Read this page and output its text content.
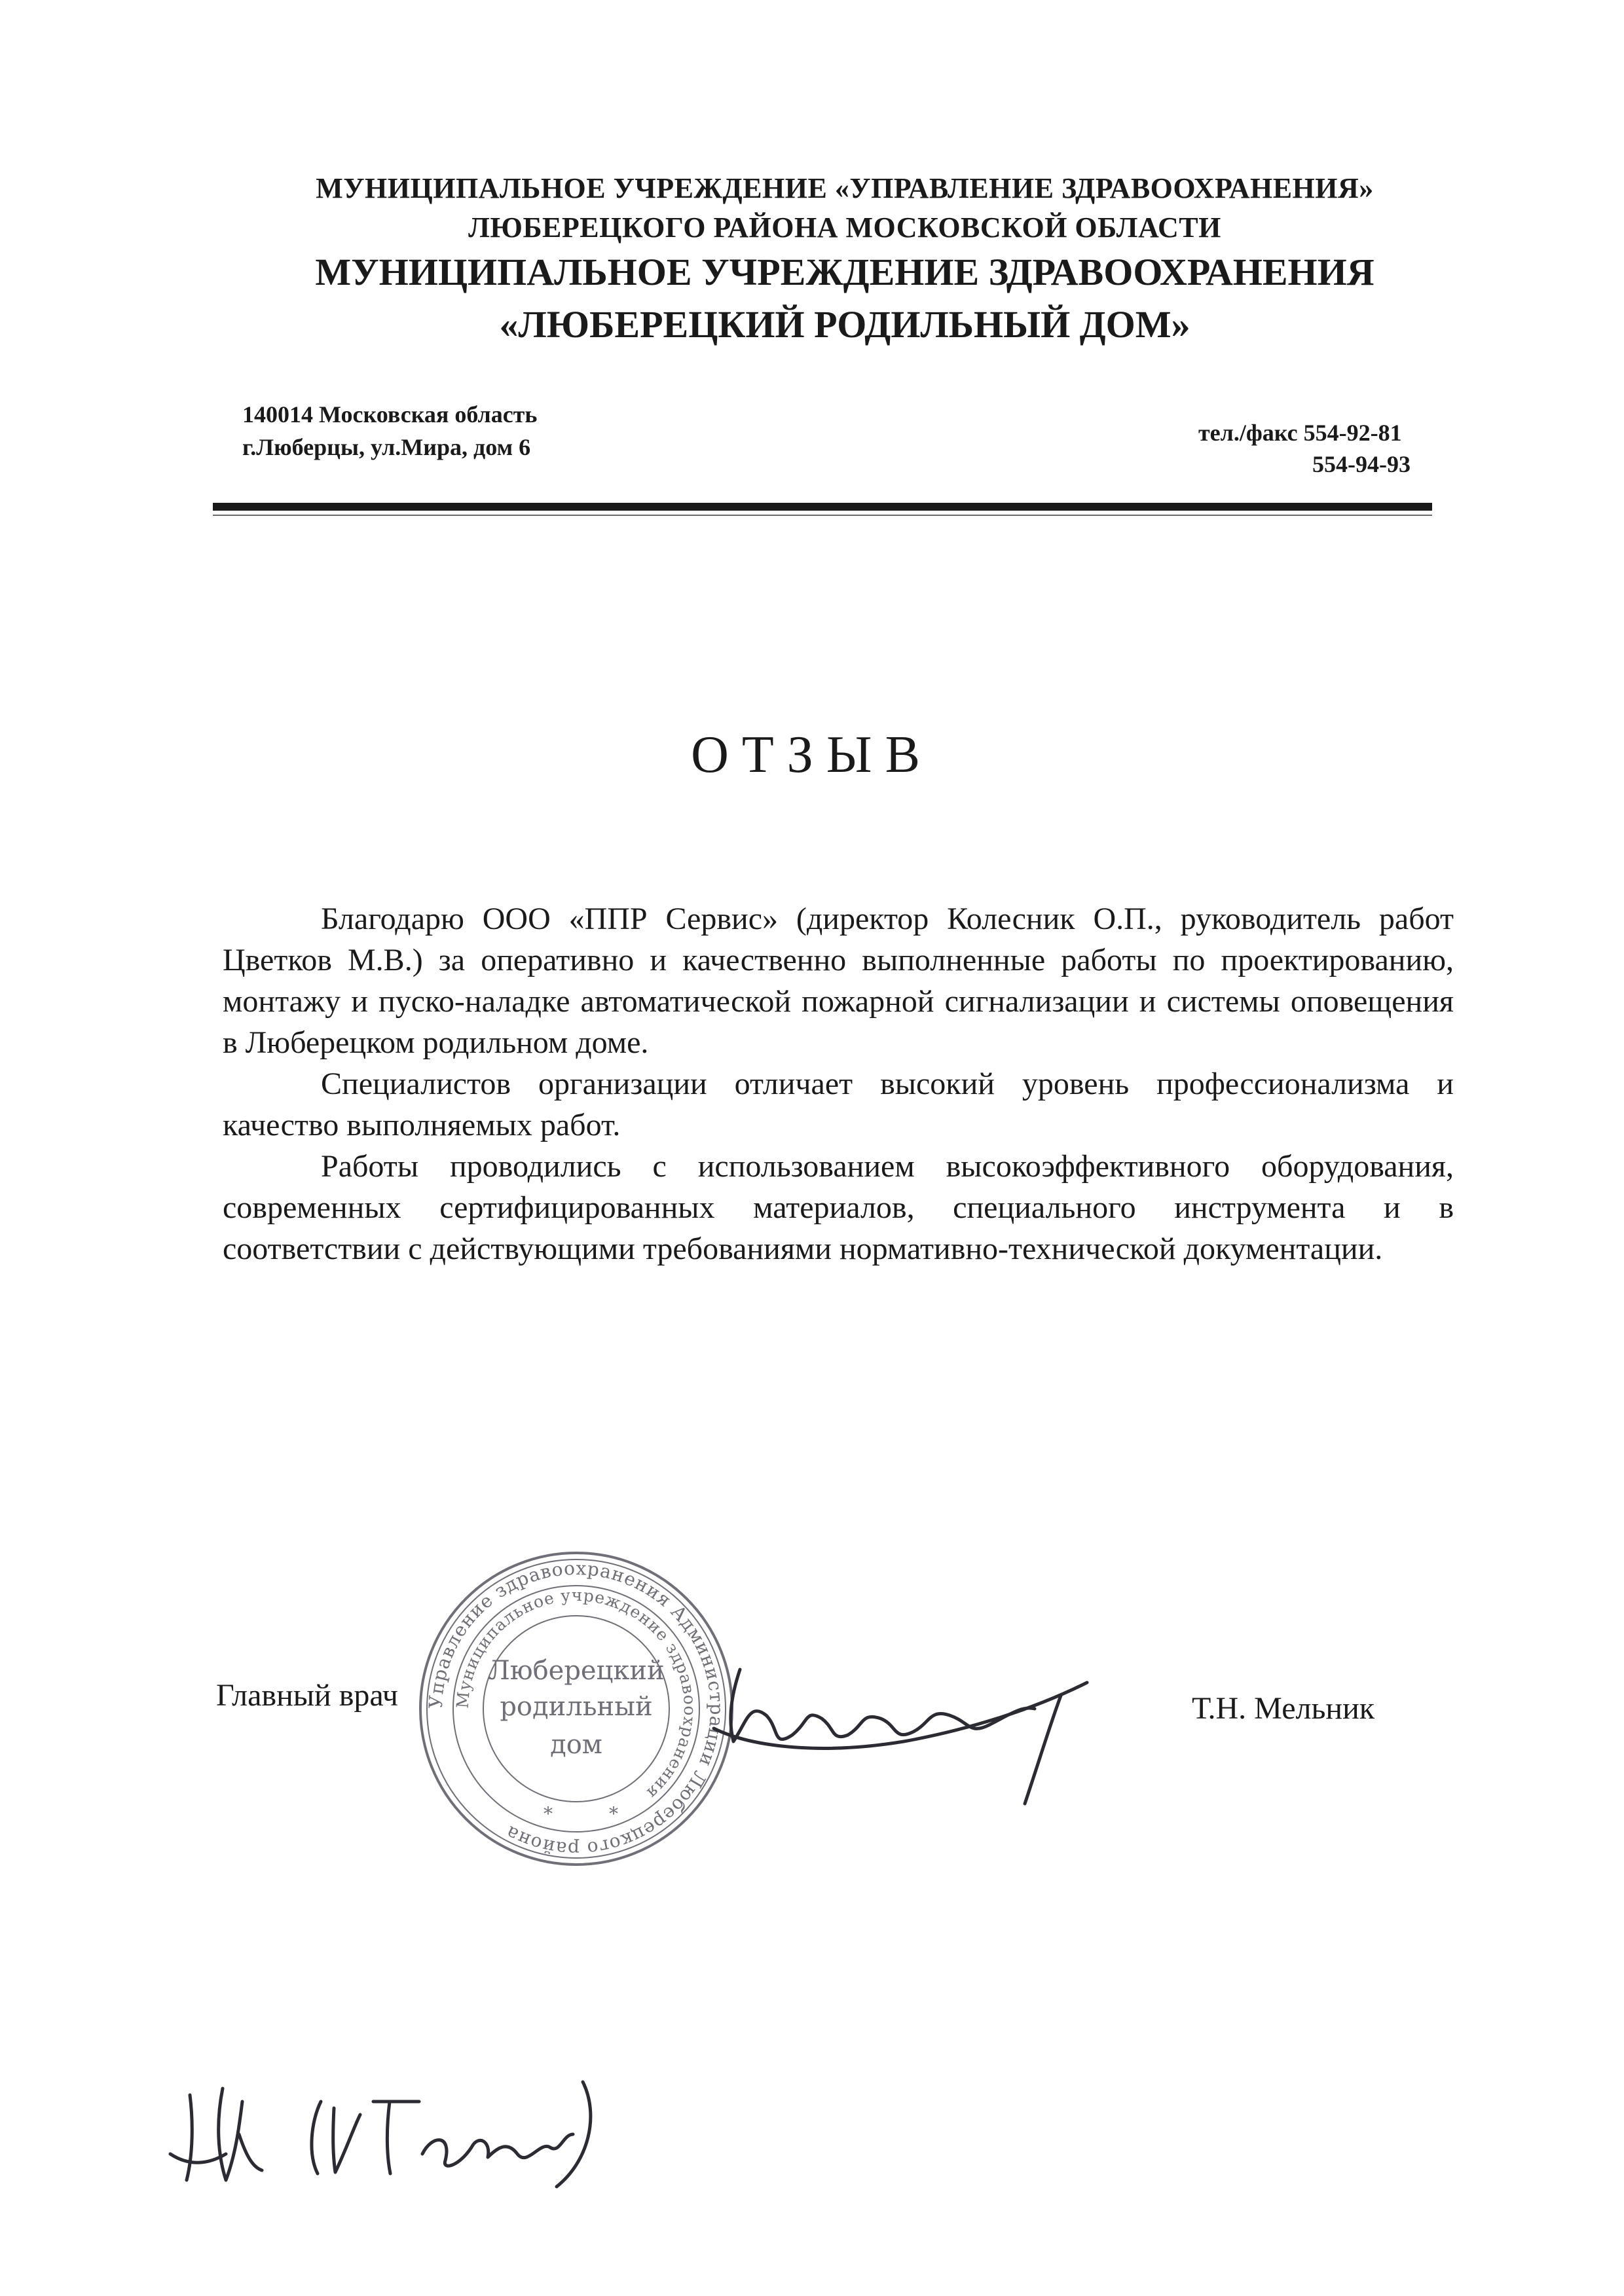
МУНИЦИПАЛЬНОЕ УЧРЕЖДЕНИЕ «УПРАВЛЕНИЕ ЗДРАВООХРАНЕНИЯ»
ЛЮБЕРЕЦКОГО РАЙОНА МОСКОВСКОЙ ОБЛАСТИ
МУНИЦИПАЛЬНОЕ УЧРЕЖДЕНИЕ ЗДРАВООХРАНЕНИЯ
«ЛЮБЕРЕЦКИЙ РОДИЛЬНЫЙ ДОМ»
140014 Московская область
г.Люберцы, ул.Мира, дом 6
тел./факс 554-92-81
554-94-93
ОТЗЫВ

Благодарю ООО «ППР Сервис» (директор Колесник О.П., руководитель работ Цветков М.В.) за оперативно и качественно выполненные работы по проектированию, монтажу и пуско-наладке автоматической пожарной сигнализации и системы оповещения в Люберецком родильном доме.

Специалистов организации отличает высокий уровень профессионализма и качество выполняемых работ.

Работы проводились с использованием высокоэффективного оборудования, современных сертифицированных материалов, специального инструмента и в соответствии с действующими требованиями нормативно-технической документации.

Главный врач	Т.Н. Мельник
Управление здравоохранения Администрации Люберецкого района
Муниципальное учреждение здравоохранения
Люберецкий
родильный
дом
*	*
